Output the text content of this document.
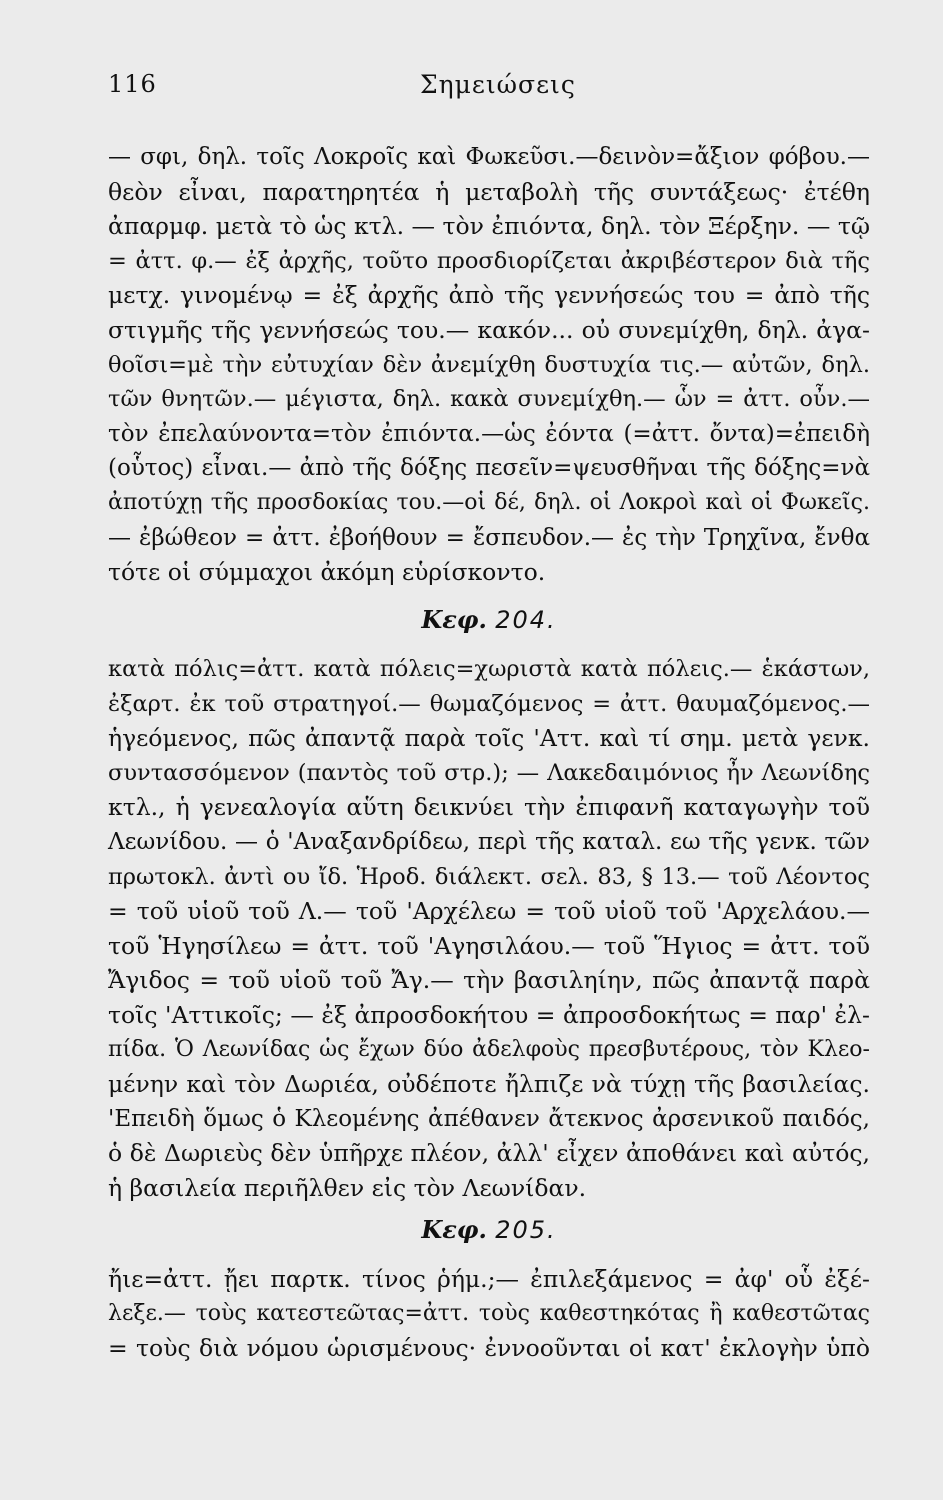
116	Σημειώσεις
— σφι, δηλ. τοῖς Λοκροῖς καὶ Φωκεῦσι.—δεινὸν=ἄξιον φόβου.—
θεὸν εἶναι, παρατηρητέα ἡ μεταβολὴ τῆς συντάξεως· ἐτέθη
ἀπαρμφ. μετὰ τὸ ὡς κτλ. — τὸν ἐπιόντα, δηλ. τὸν Ξέρξην. — τῷ
= ἀττ. φ.— ἐξ ἀρχῆς, τοῦτο προσδιορίζεται ἀκριβέστερον διὰ τῆς
μετχ. γινομένῳ = ἐξ ἀρχῆς ἀπὸ τῆς γεννήσεώς του = ἀπὸ τῆς
στιγμῆς τῆς γεννήσεώς του.— κακόν... οὐ συνεμίχθη, δηλ. ἀγα-
θοῖσι=μὲ τὴν εὐτυχίαν δὲν ἀνεμίχθη δυστυχία τις.— αὐτῶν, δηλ.
τῶν θνητῶν.— μέγιστα, δηλ. κακὰ συνεμίχθη.— ὧν = ἀττ. οὖν.—
τὸν ἐπελαύνοντα=τὸν ἐπιόντα.—ὡς ἐόντα (=ἀττ. ὄντα)=ἐπειδὴ
(οὗτος) εἶναι.— ἀπὸ τῆς δόξης πεσεῖν=ψευσθῆναι τῆς δόξης=νὰ
ἀποτύχῃ τῆς προσδοκίας του.—οἱ δέ, δηλ. οἱ Λοκροὶ καὶ οἱ Φωκεῖς.
— ἐβώθεον = ἀττ. ἐβοήθουν = ἔσπευδον.— ἐς τὴν Τρηχῖνα, ἔνθα
τότε οἱ σύμμαχοι ἀκόμη εὑρίσκοντο.
Κεφ. 204.
κατὰ πόλις=ἀττ. κατὰ πόλεις=χωριστὰ κατὰ πόλεις.— ἑκάστων,
ἐξαρτ. ἐκ τοῦ στρατηγοί.— θωμαζόμενος = ἀττ. θαυμαζόμενος.—
ἡγεόμενος, πῶς ἀπαντᾷ παρὰ τοῖς 'Αττ. καὶ τί σημ. μετὰ γενκ.
συντασσόμενον (παντὸς τοῦ στρ.); — Λακεδαιμόνιος ἦν Λεωνίδης
κτλ., ἡ γενεαλογία αὕτη δεικνύει τὴν ἐπιφανῆ καταγωγὴν τοῦ
Λεωνίδου. — ὁ 'Αναξανδρίδεω, περὶ τῆς καταλ. εω τῆς γενκ. τῶν
πρωτοκλ. ἀντὶ ου ἴδ. Ἡροδ. διάλεκτ. σελ. 83, § 13.— τοῦ Λέοντος
= τοῦ υἱοῦ τοῦ Λ.— τοῦ 'Αρχέλεω = τοῦ υἱοῦ τοῦ 'Αρχελάου.—
τοῦ Ἡγησίλεω = ἀττ. τοῦ 'Αγησιλάου.— τοῦ Ἥγιος = ἀττ. τοῦ
Ἄγιδος = τοῦ υἱοῦ τοῦ Ἄγ.— τὴν βασιληίην, πῶς ἀπαντᾷ παρὰ
τοῖς 'Αττικοῖς; — ἐξ ἀπροσδοκήτου = ἀπροσδοκήτως = παρ' ἐλ-
πίδα. Ὁ Λεωνίδας ὡς ἔχων δύο ἀδελφοὺς πρεσβυτέρους, τὸν Κλεο-
μένην καὶ τὸν Δωριέα, οὐδέποτε ἤλπιζε νὰ τύχῃ τῆς βασιλείας.
'Επειδὴ ὅμως ὁ Κλεομένης ἀπέθανεν ἄτεκνος ἀρσενικοῦ παιδός,
ὁ δὲ Δωριεὺς δὲν ὑπῆρχε πλέον, ἀλλ' εἶχεν ἀποθάνει καὶ αὐτός,
ἡ βασιλεία περιῆλθεν εἰς τὸν Λεωνίδαν.
Κεφ. 205.
ἤιε=ἀττ. ᾔει παρτκ. τίνος ῥήμ.;— ἐπιλεξάμενος = ἀφ' οὗ ἐξέ-
λεξε.— τοὺς κατεστεῶτας=ἀττ. τοὺς καθεστηκότας ἢ καθεστῶτας
= τοὺς διὰ νόμου ὡρισμένους· ἐννοοῦνται οἱ κατ' ἐκλογὴν ὑπὸ
